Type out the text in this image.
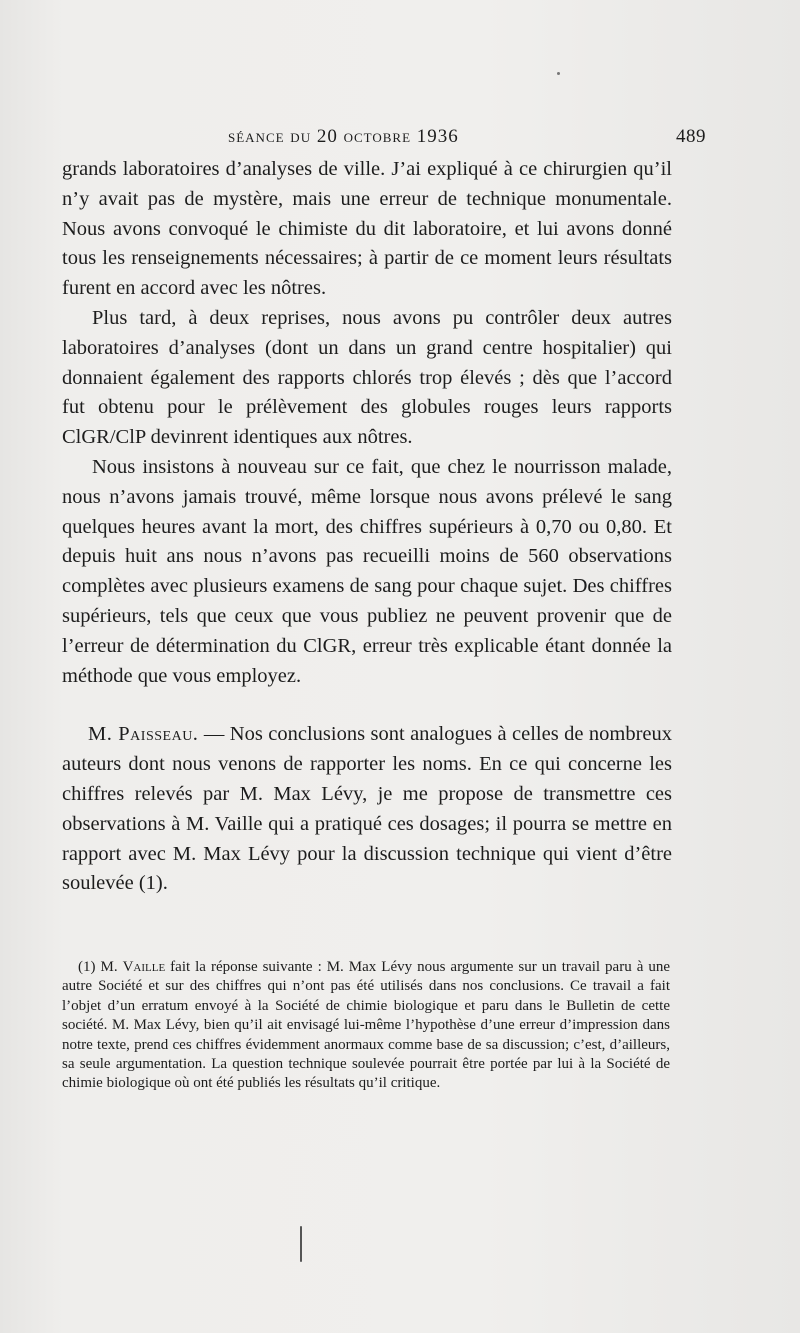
séance du 20 octobre 1936	489

grands laboratoires d’analyses de ville. J’ai expliqué à ce chirurgien qu’il n’y avait pas de mystère, mais une erreur de technique monumentale. Nous avons convoqué le chimiste du dit laboratoire, et lui avons donné tous les renseignements nécessaires; à partir de ce moment leurs résultats furent en accord avec les nôtres.

Plus tard, à deux reprises, nous avons pu contrôler deux autres laboratoires d’analyses (dont un dans un grand centre hospitalier) qui donnaient également des rapports chlorés trop élevés ; dès que l’accord fut obtenu pour le prélèvement des globules rouges leurs rapports ClGR/ClP devinrent identiques aux nôtres.

Nous insistons à nouveau sur ce fait, que chez le nourrisson malade, nous n’avons jamais trouvé, même lorsque nous avons prélevé le sang quelques heures avant la mort, des chiffres supérieurs à 0,70 ou 0,80. Et depuis huit ans nous n’avons pas recueilli moins de 560 observations complètes avec plusieurs examens de sang pour chaque sujet. Des chiffres supérieurs, tels que ceux que vous publiez ne peuvent provenir que de l’erreur de détermination du ClGR, erreur très explicable étant donnée la méthode que vous employez.

M. Paisseau. — Nos conclusions sont analogues à celles de nombreux auteurs dont nous venons de rapporter les noms. En ce qui concerne les chiffres relevés par M. Max Lévy, je me propose de transmettre ces observations à M. Vaille qui a pratiqué ces dosages; il pourra se mettre en rapport avec M. Max Lévy pour la discussion technique qui vient d’être soulevée (1).

(1) M. Vaille fait la réponse suivante : M. Max Lévy nous argumente sur un travail paru à une autre Société et sur des chiffres qui n’ont pas été utilisés dans nos conclusions. Ce travail a fait l’objet d’un erratum envoyé à la Société de chimie biologique et paru dans le Bulletin de cette société. M. Max Lévy, bien qu’il ait envisagé lui-même l’hypothèse d’une erreur d’impression dans notre texte, prend ces chiffres évidemment anormaux comme base de sa discussion; c’est, d’ailleurs, sa seule argumentation. La question technique soulevée pourrait être portée par lui à la Société de chimie biologique où ont été publiés les résultats qu’il critique.
